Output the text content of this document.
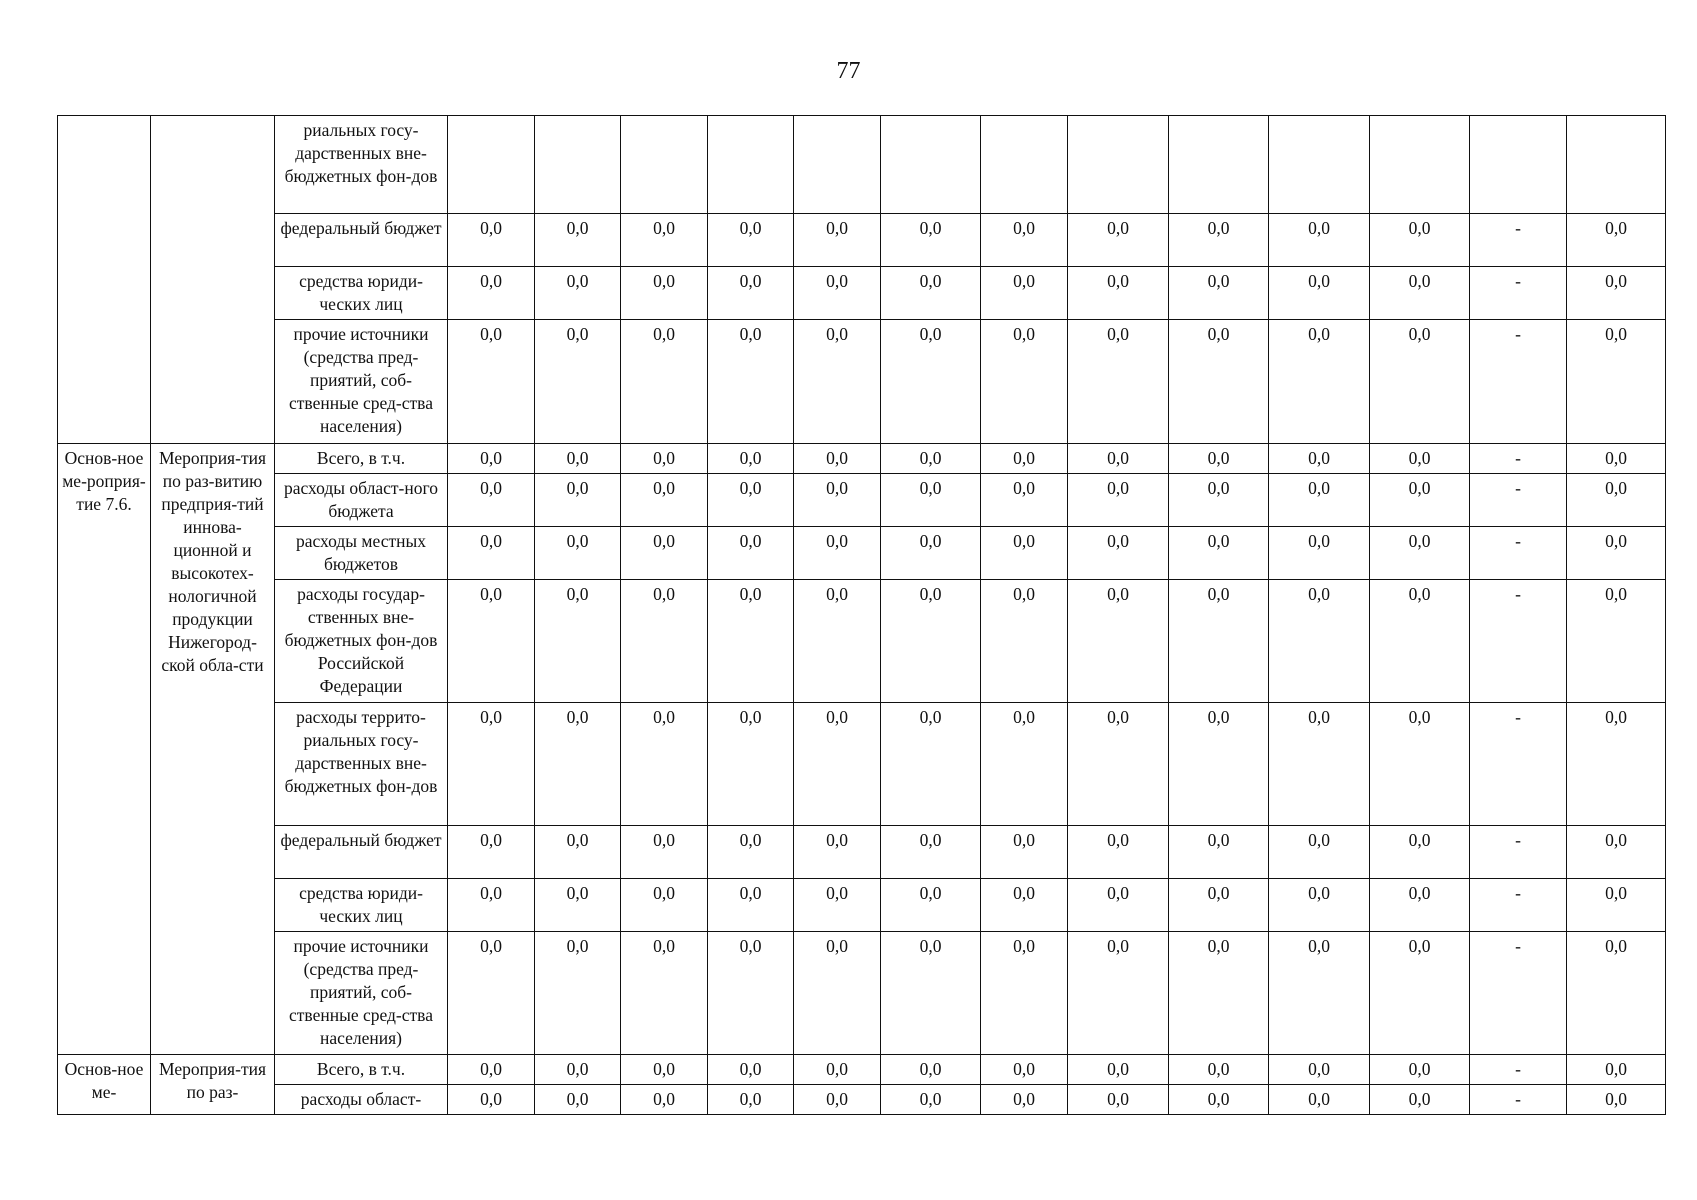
77
		риальных госу-дарственных вне-бюджетных фон-дов													
		федеральный бюджет	0,0	0,0	0,0	0,0	0,0	0,0	0,0	0,0	0,0	0,0	0,0	-	0,0
		средства юриди-ческих лиц	0,0	0,0	0,0	0,0	0,0	0,0	0,0	0,0	0,0	0,0	0,0	-	0,0
		прочие источники (средства пред-приятий, соб-ственные сред-ства населения)	0,0	0,0	0,0	0,0	0,0	0,0	0,0	0,0	0,0	0,0	0,0	-	0,0
Основ-ное ме-роприя-тие 7.6.	Мероприя-тия по раз-витию предприя-тий иннова-ционной и высокотех-нологичной продукции Нижегород-ской обла-сти	Всего, в т.ч.	0,0	0,0	0,0	0,0	0,0	0,0	0,0	0,0	0,0	0,0	0,0	-	0,0
		расходы област-ного бюджета	0,0	0,0	0,0	0,0	0,0	0,0	0,0	0,0	0,0	0,0	0,0	-	0,0
		расходы местных бюджетов	0,0	0,0	0,0	0,0	0,0	0,0	0,0	0,0	0,0	0,0	0,0	-	0,0
		расходы государ-ственных вне-бюджетных фон-дов Российской Федерации	0,0	0,0	0,0	0,0	0,0	0,0	0,0	0,0	0,0	0,0	0,0	-	0,0
		расходы террито-риальных госу-дарственных вне-бюджетных фон-дов	0,0	0,0	0,0	0,0	0,0	0,0	0,0	0,0	0,0	0,0	0,0	-	0,0
		федеральный бюджет	0,0	0,0	0,0	0,0	0,0	0,0	0,0	0,0	0,0	0,0	0,0	-	0,0
		средства юриди-ческих лиц	0,0	0,0	0,0	0,0	0,0	0,0	0,0	0,0	0,0	0,0	0,0	-	0,0
		прочие источники (средства пред-приятий, соб-ственные сред-ства населения)	0,0	0,0	0,0	0,0	0,0	0,0	0,0	0,0	0,0	0,0	0,0	-	0,0
Основ-ное ме-	Мероприя-тия по раз-	Всего, в т.ч.	0,0	0,0	0,0	0,0	0,0	0,0	0,0	0,0	0,0	0,0	0,0	-	0,0
		расходы област-	0,0	0,0	0,0	0,0	0,0	0,0	0,0	0,0	0,0	0,0	0,0	-	0,0
